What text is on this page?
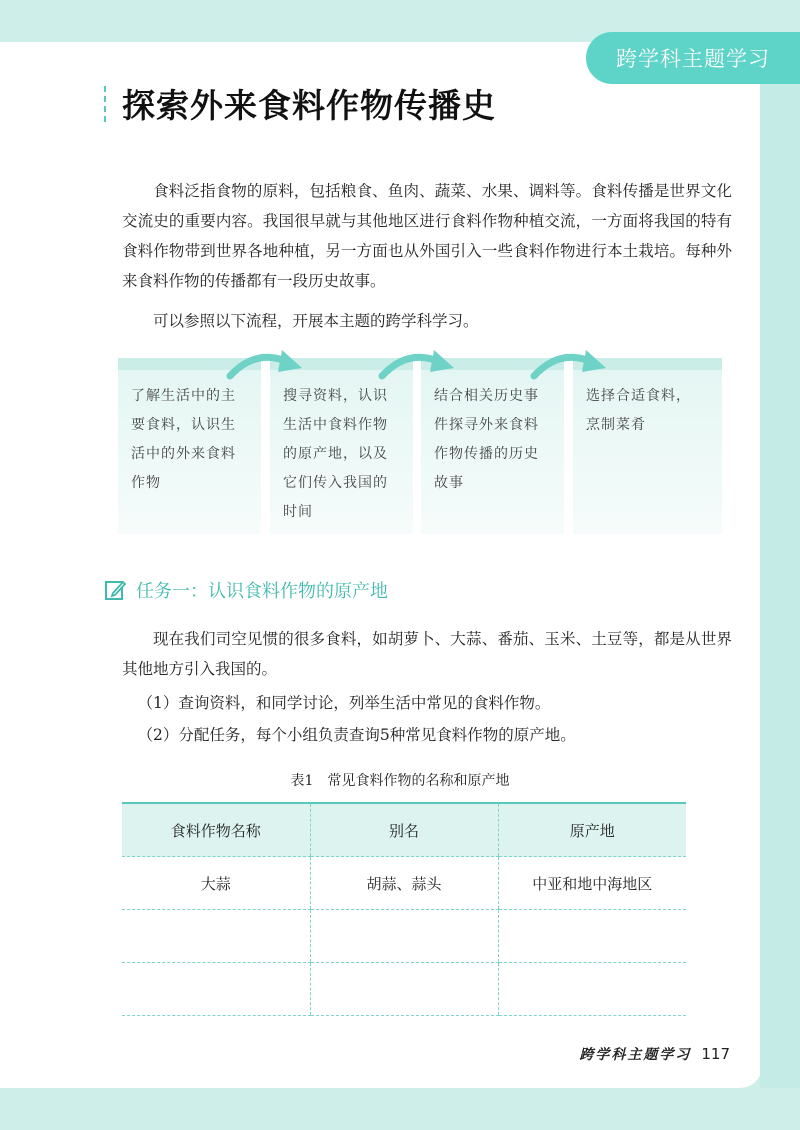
跨学科主题学习
探索外来食料作物传播史

食料泛指食物的原料，包括粮食、鱼肉、蔬菜、水果、调料等。食料传播是世界文化交流史的重要内容。我国很早就与其他地区进行食料作物种植交流，一方面将我国的特有食料作物带到世界各地种植，另一方面也从外国引入一些食料作物进行本土栽培。每种外来食料作物的传播都有一段历史故事。

可以参照以下流程，开展本主题的跨学科学习。

了解生活中的主要食料，认识生活中的外来食料作物
搜寻资料，认识生活中食料作物的原产地，以及它们传入我国的时间
结合相关历史事件探寻外来食料作物传播的历史故事
选择合适食料，烹制菜肴
任务一：认识食料作物的原产地

现在我们司空见惯的很多食料，如胡萝卜、大蒜、番茄、玉米、土豆等，都是从世界其他地方引入我国的。

（1）查询资料，和同学讨论，列举生活中常见的食料作物。

（2）分配任务，每个小组负责查询5种常见食料作物的原产地。

表1　常见食料作物的名称和原产地
食料作物名称	别名	原产地
大蒜	胡蒜、蒜头	中亚和地中海地区

跨学科主题学习 117
